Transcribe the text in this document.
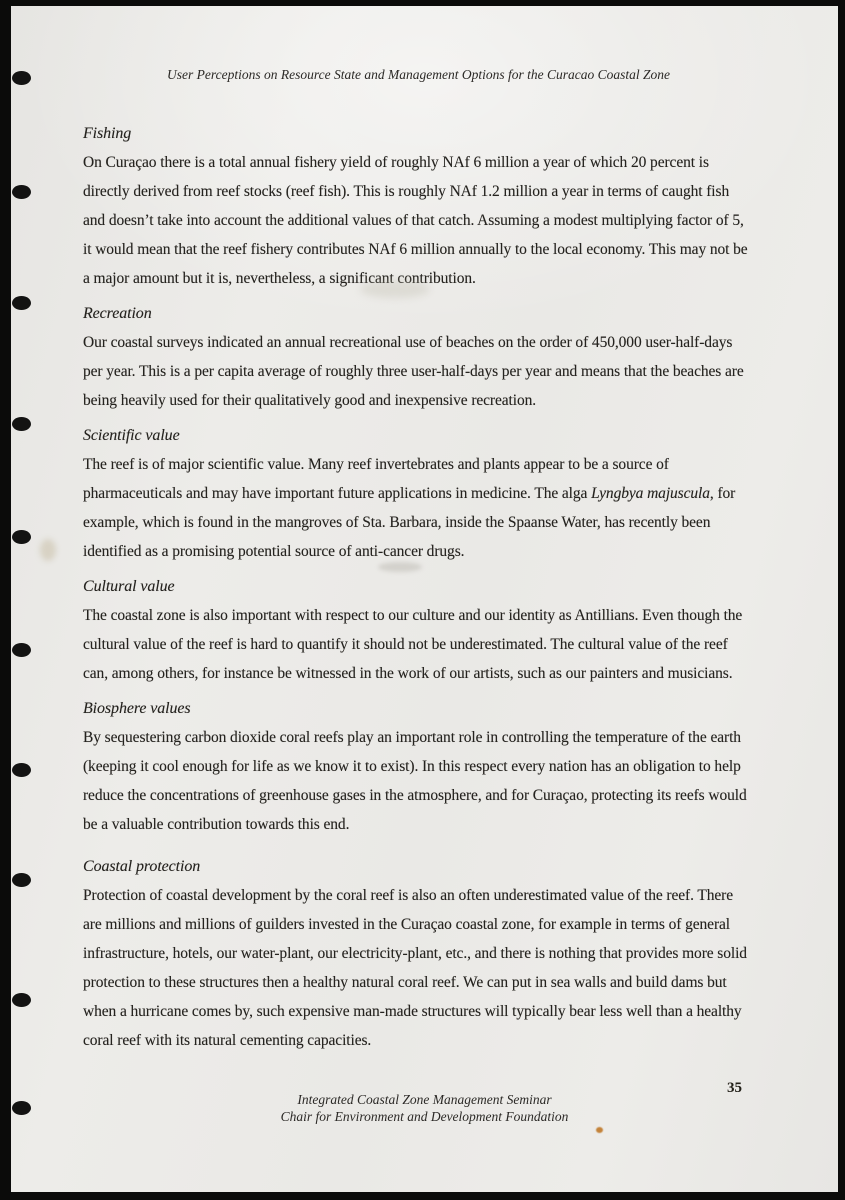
User Perceptions on Resource State and Management Options for the Curacao Coastal Zone
Fishing

On Curaçao there is a total annual fishery yield of roughly NAf 6 million a year of which 20 percent is directly derived from reef stocks (reef fish). This is roughly NAf 1.2 million a year in terms of caught fish and doesn’t take into account the additional values of that catch. Assuming a modest multiplying factor of 5, it would mean that the reef fishery contributes NAf 6 million annually to the local economy. This may not be a major amount but it is, nevertheless, a significant contribution.

Recreation

Our coastal surveys indicated an annual recreational use of beaches on the order of 450,000 user-half-days per year. This is a per capita average of roughly three user-half-days per year and means that the beaches are being heavily used for their qualitatively good and inexpensive recreation.

Scientific value

The reef is of major scientific value. Many reef invertebrates and plants appear to be a source of pharmaceuticals and may have important future applications in medicine. The alga Lyngbya majuscula, for example, which is found in the mangroves of Sta. Barbara, inside the Spaanse Water, has recently been identified as a promising potential source of anti-cancer drugs.

Cultural value

The coastal zone is also important with respect to our culture and our identity as Antillians. Even though the cultural value of the reef is hard to quantify it should not be underestimated. The cultural value of the reef can, among others, for instance be witnessed in the work of our artists, such as our painters and musicians.

Biosphere values

By sequestering carbon dioxide coral reefs play an important role in controlling the temperature of the earth (keeping it cool enough for life as we know it to exist). In this respect every nation has an obligation to help reduce the concentrations of greenhouse gases in the atmosphere, and for Curaçao, protecting its reefs would be a valuable contribution towards this end.

Coastal protection

Protection of coastal development by the coral reef is also an often underestimated value of the reef. There are millions and millions of guilders invested in the Curaçao coastal zone, for example in terms of general infrastructure, hotels, our water-plant, our electricity-plant, etc., and there is nothing that provides more solid protection to these structures then a healthy natural coral reef. We can put in sea walls and build dams but when a hurricane comes by, such expensive man-made structures will typically bear less well than a healthy coral reef with its natural cementing capacities.

Integrated Coastal Zone Management Seminar
Chair for Environment and Development Foundation
35
